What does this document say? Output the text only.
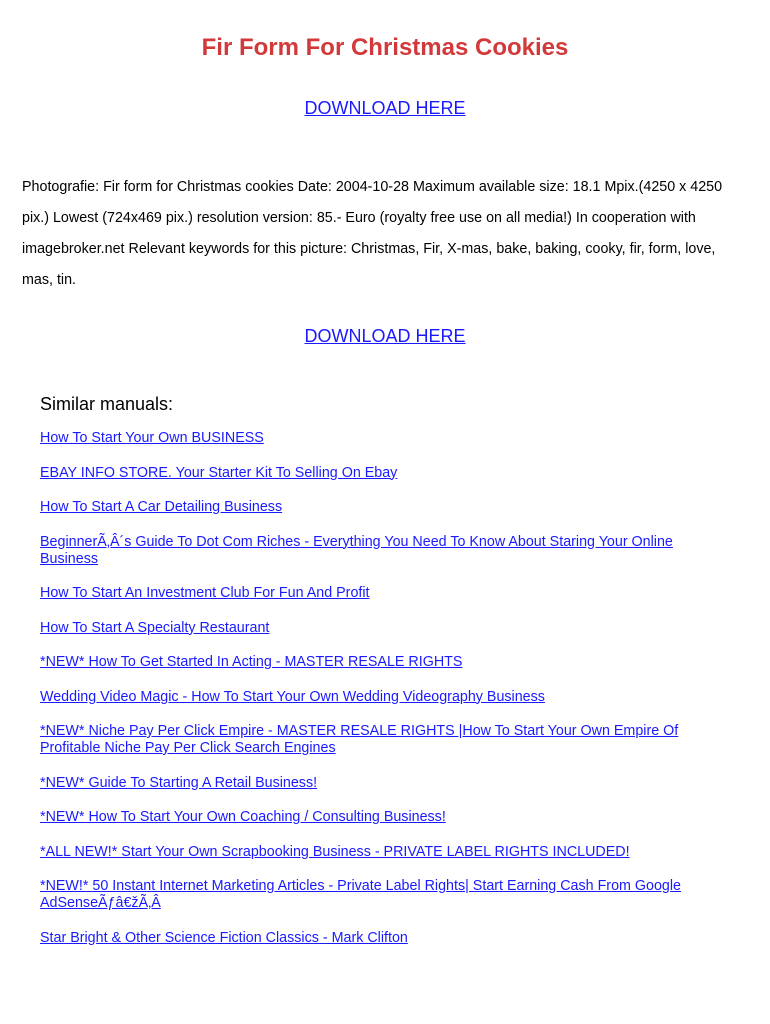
Fir Form For Christmas Cookies
DOWNLOAD HERE

Photografie: Fir form for Christmas cookies Date: 2004-10-28 Maximum available size: 18.1 Mpix.(4250 x 4250 pix.) Lowest (724x469 pix.) resolution version: 85.- Euro (royalty free use on all media!) In cooperation with imagebroker.net Relevant keywords for this picture: Christmas, Fir, X-mas, bake, baking, cooky, fir, form, love, mas, tin.

DOWNLOAD HERE
Similar manuals:
How To Start Your Own BUSINESS
EBAY INFO STORE. Your Starter Kit To Selling On Ebay
How To Start A Car Detailing Business
BeginnerÃ‚Â´s Guide To Dot Com Riches - Everything You Need To Know About Staring Your Online Business
How To Start An Investment Club For Fun And Profit
How To Start A Specialty Restaurant
*NEW* How To Get Started In Acting - MASTER RESALE RIGHTS
Wedding Video Magic - How To Start Your Own Wedding Videography Business
*NEW* Niche Pay Per Click Empire - MASTER RESALE RIGHTS |How To Start Your Own Empire Of Profitable Niche Pay Per Click Search Engines
*NEW* Guide To Starting A Retail Business!
*NEW* How To Start Your Own Coaching / Consulting Business!
*ALL NEW!* Start Your Own Scrapbooking Business - PRIVATE LABEL RIGHTS INCLUDED!
*NEW!* 50 Instant Internet Marketing Articles - Private Label Rights| Start Earning Cash From Google AdSenseÃƒâ€žÃ‚Â
Star Bright & Other Science Fiction Classics - Mark Clifton
